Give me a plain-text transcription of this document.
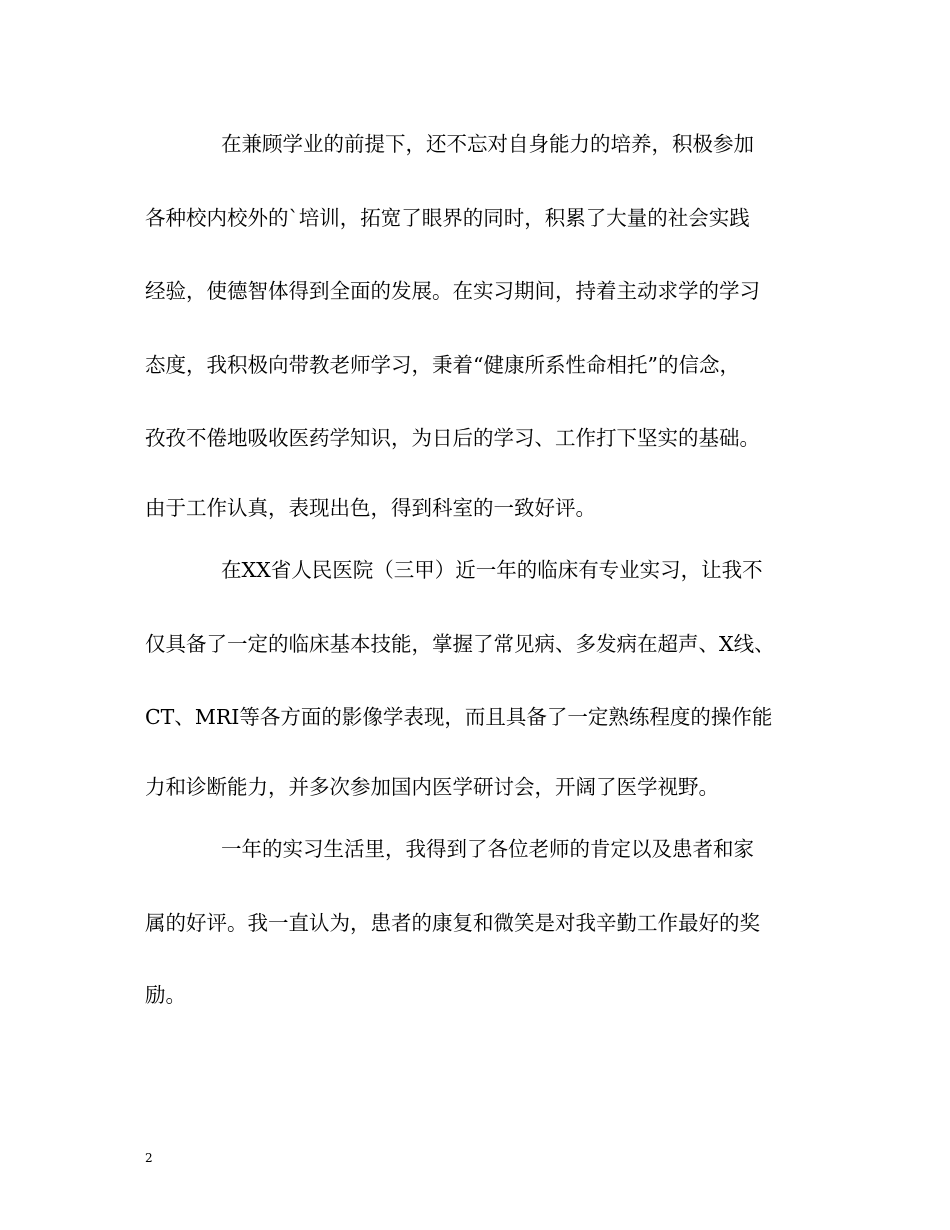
在兼顾学业的前提下，还不忘对自身能力的培养，积极参加
各种校内校外的`培训，拓宽了眼界的同时，积累了大量的社会实践
经验，使德智体得到全面的发展。在实习期间，持着主动求学的学习
态度，我积极向带教老师学习，秉着“健康所系性命相托”的信念，
孜孜不倦地吸收医药学知识，为日后的学习、工作打下坚实的基础。
由于工作认真，表现出色，得到科室的一致好评。
在XX省人民医院（三甲）近一年的临床有专业实习，让我不
仅具备了一定的临床基本技能，掌握了常见病、多发病在超声、X线、
CT、MRI等各方面的影像学表现，而且具备了一定熟练程度的操作能
力和诊断能力，并多次参加国内医学研讨会，开阔了医学视野。
一年的实习生活里，我得到了各位老师的肯定以及患者和家
属的好评。我一直认为，患者的康复和微笑是对我辛勤工作最好的奖
励。
2
